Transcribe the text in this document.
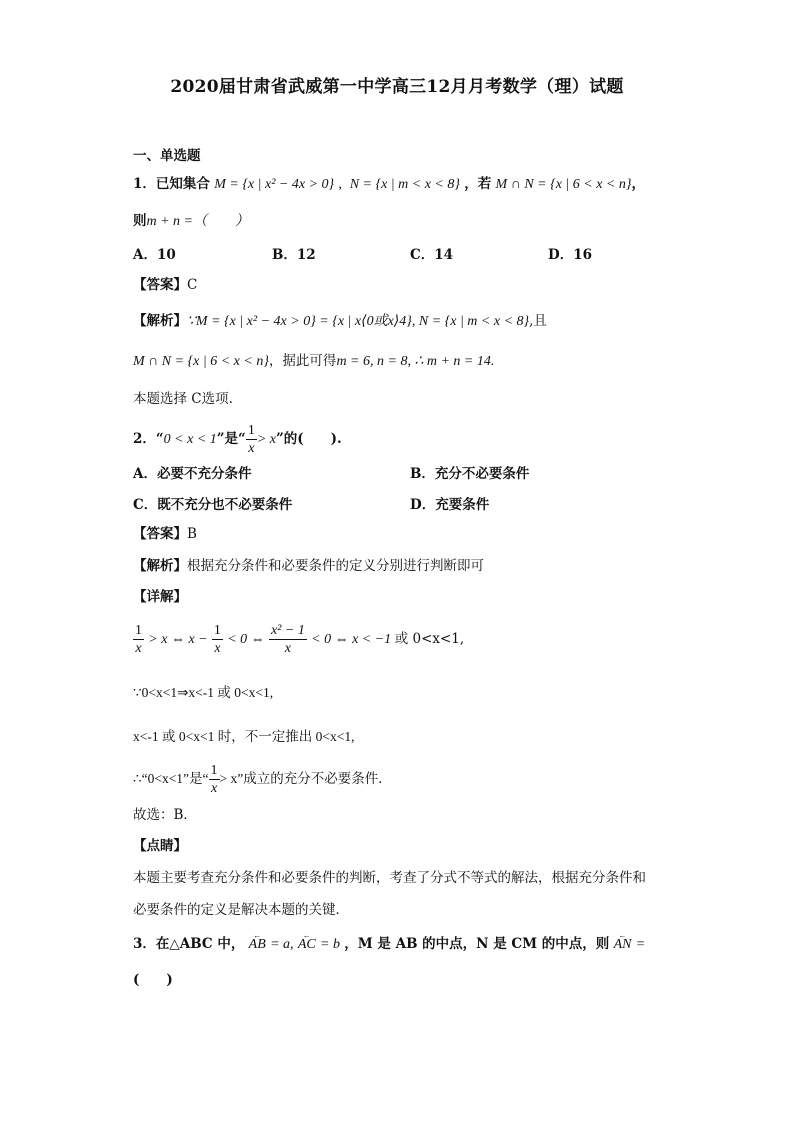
2020届甘肃省武威第一中学高三12月月考数学（理）试题
一、单选题
1．已知集合 M = {x | x² − 4x > 0} ,  N = {x | m < x < 8} ，若 M ∩ N = {x | 6 < x < n}，
则m + n =（　　）
A．10	B．12	C．14	D．16
【答案】C
【解析】∵M = {x | x² − 4x > 0} = {x | x⟨0或x⟩4}, N = {x | m < x < 8},且
M ∩ N = {x | 6 < x < n}，据此可得m = 6, n = 8, ∴ m + n = 14.
本题选择 C选项.
2．“0 < x < 1”是“ $\frac{1}{x} > x$”的(　　).
A．必要不充分条件	B．充分不必要条件
C．既不充分也不必要条件	D．充要条件
【答案】B
【解析】根据充分条件和必要条件的定义分别进行判断即可
【详解】
$\frac{1}{x} > x$ ⇔ $x - \frac{1}{x} < 0$ ⇔ $\frac{\text{x² − 1}}{x} < 0$ ⇔ x < −1 或 0<x<1,
∵0<x<1⇒x<-1 或 0<x<1,
x<-1 或 0<x<1 时，不一定推出 0<x<1,
∴“0<x<1”是“ $\frac{1}{x} > x$”成立的充分不必要条件．
故选：B．
【点睛】
本题主要考查充分条件和必要条件的判断，考查了分式不等式的解法，根据充分条件和
必要条件的定义是解决本题的关键．
3．在△ABC 中， ← AB = a, ← AC = b ，M 是 AB 的中点，N 是 CM 的中点，则 ← AN =
(　　)
